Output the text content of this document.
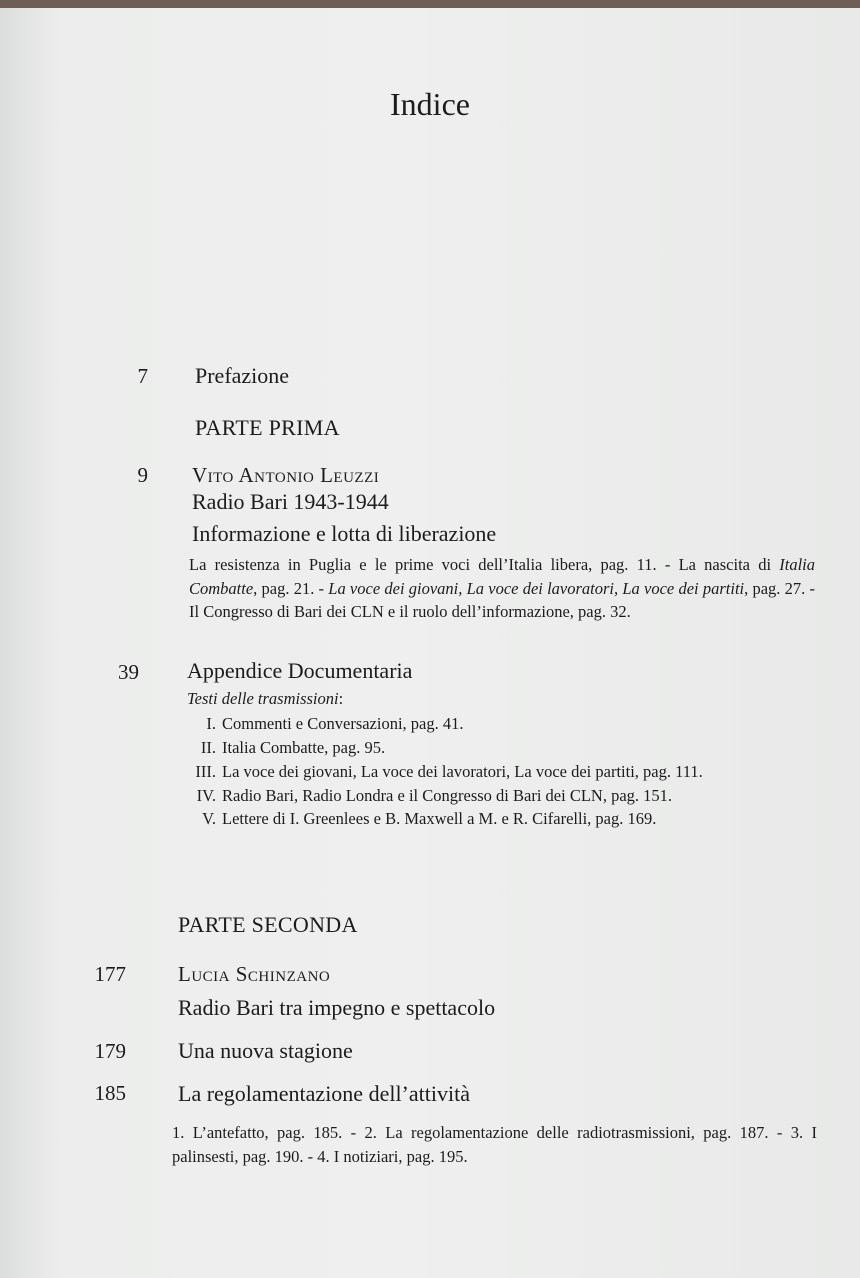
Indice
7 Prefazione
PARTE PRIMA
9 Vito Antonio Leuzzi
Radio Bari 1943-1944
Informazione e lotta di liberazione
La resistenza in Puglia e le prime voci dell’Italia libera, pag. 11. - La nascita di Italia Combatte, pag. 21. - La voce dei giovani, La voce dei lavoratori, La voce dei partiti, pag. 27. - Il Congresso di Bari dei CLN e il ruolo dell’informazione, pag. 32.
39 Appendice Documentaria
Testi delle trasmissioni:
I. Commenti e Conversazioni, pag. 41.
II. Italia Combatte, pag. 95.
III. La voce dei giovani, La voce dei lavoratori, La voce dei partiti, pag. 111.
IV. Radio Bari, Radio Londra e il Congresso di Bari dei CLN, pag. 151.
V. Lettere di I. Greenlees e B. Maxwell a M. e R. Cifarelli, pag. 169.
PARTE SECONDA
177 Lucia Schinzano
Radio Bari tra impegno e spettacolo
179 Una nuova stagione
185 La regolamentazione dell’attività
1. L’antefatto, pag. 185. - 2. La regolamentazione delle radiotrasmissioni, pag. 187. - 3. I palinsesti, pag. 190. - 4. I notiziari, pag. 195.
